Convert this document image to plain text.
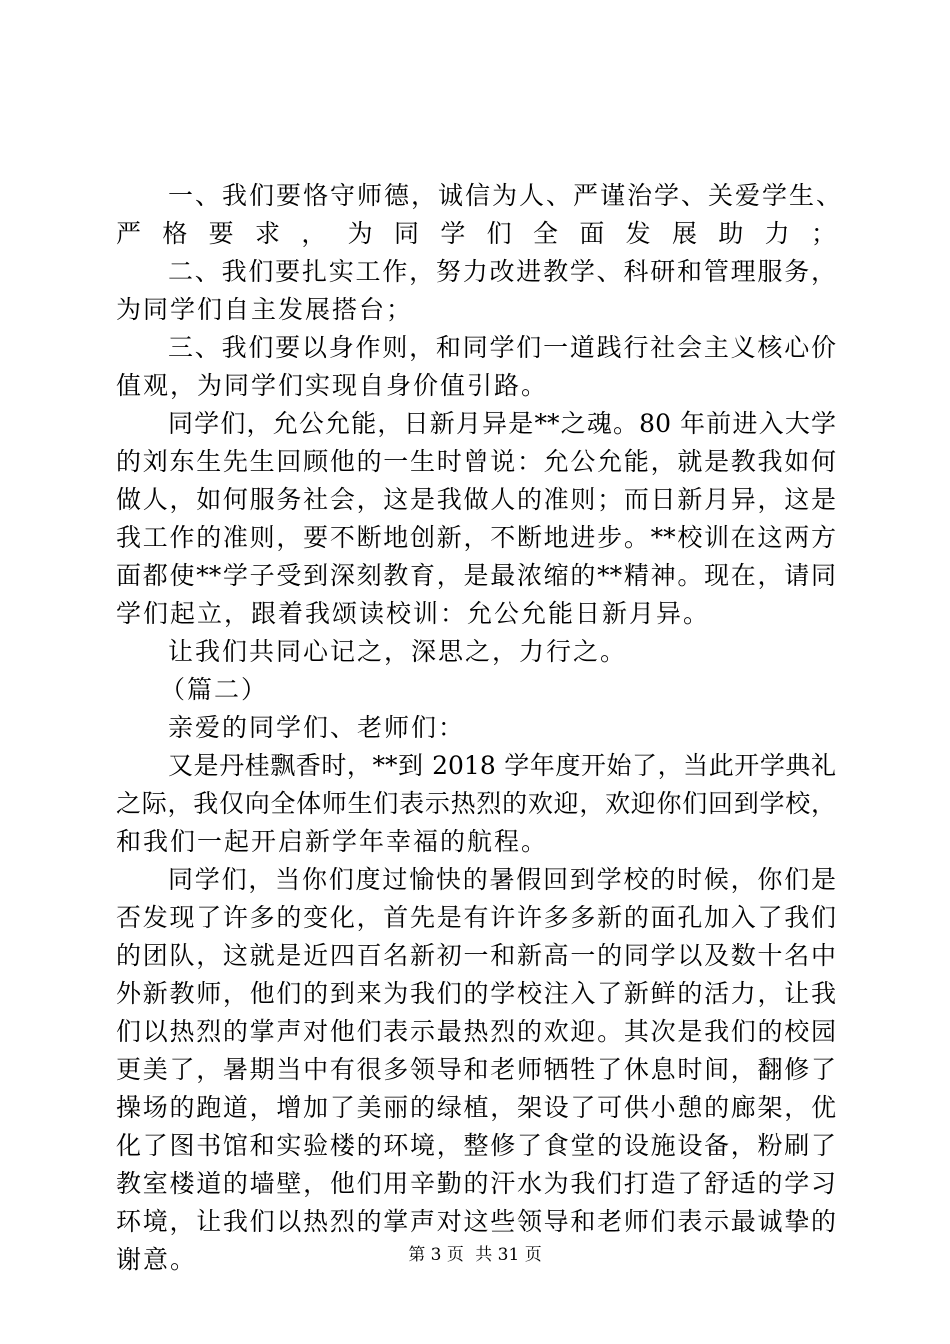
一、我们要恪守师德，诚信为人、严谨治学、关爱学生、
严格要求，为同学们全面发展助力；
二、我们要扎实工作，努力改进教学、科研和管理服务，
为同学们自主发展搭台；
三、我们要以身作则，和同学们一道践行社会主义核心价
值观，为同学们实现自身价值引路。
同学们，允公允能，日新月异是**之魂。80 年前进入大学
的刘东生先生回顾他的一生时曾说：允公允能，就是教我如何
做人，如何服务社会，这是我做人的准则；而日新月异，这是
我工作的准则，要不断地创新，不断地进步。**校训在这两方
面都使**学子受到深刻教育，是最浓缩的**精神。现在，请同
学们起立，跟着我颂读校训：允公允能日新月异。
让我们共同心记之，深思之，力行之。
（篇二）
亲爱的同学们、老师们：
又是丹桂飘香时，**到 2018 学年度开始了，当此开学典礼
之际，我仅向全体师生们表示热烈的欢迎，欢迎你们回到学校，
和我们一起开启新学年幸福的航程。
同学们，当你们度过愉快的暑假回到学校的时候，你们是
否发现了许多的变化，首先是有许许多多新的面孔加入了我们
的团队，这就是近四百名新初一和新高一的同学以及数十名中
外新教师，他们的到来为我们的学校注入了新鲜的活力，让我
们以热烈的掌声对他们表示最热烈的欢迎。其次是我们的校园
更美了，暑期当中有很多领导和老师牺牲了休息时间，翻修了
操场的跑道，增加了美丽的绿植，架设了可供小憩的廊架，优
化了图书馆和实验楼的环境，整修了食堂的设施设备，粉刷了
教室楼道的墙壁，他们用辛勤的汗水为我们打造了舒适的学习
环境，让我们以热烈的掌声对这些领导和老师们表示最诚挚的
谢意。	第 3 页 共 31 页
